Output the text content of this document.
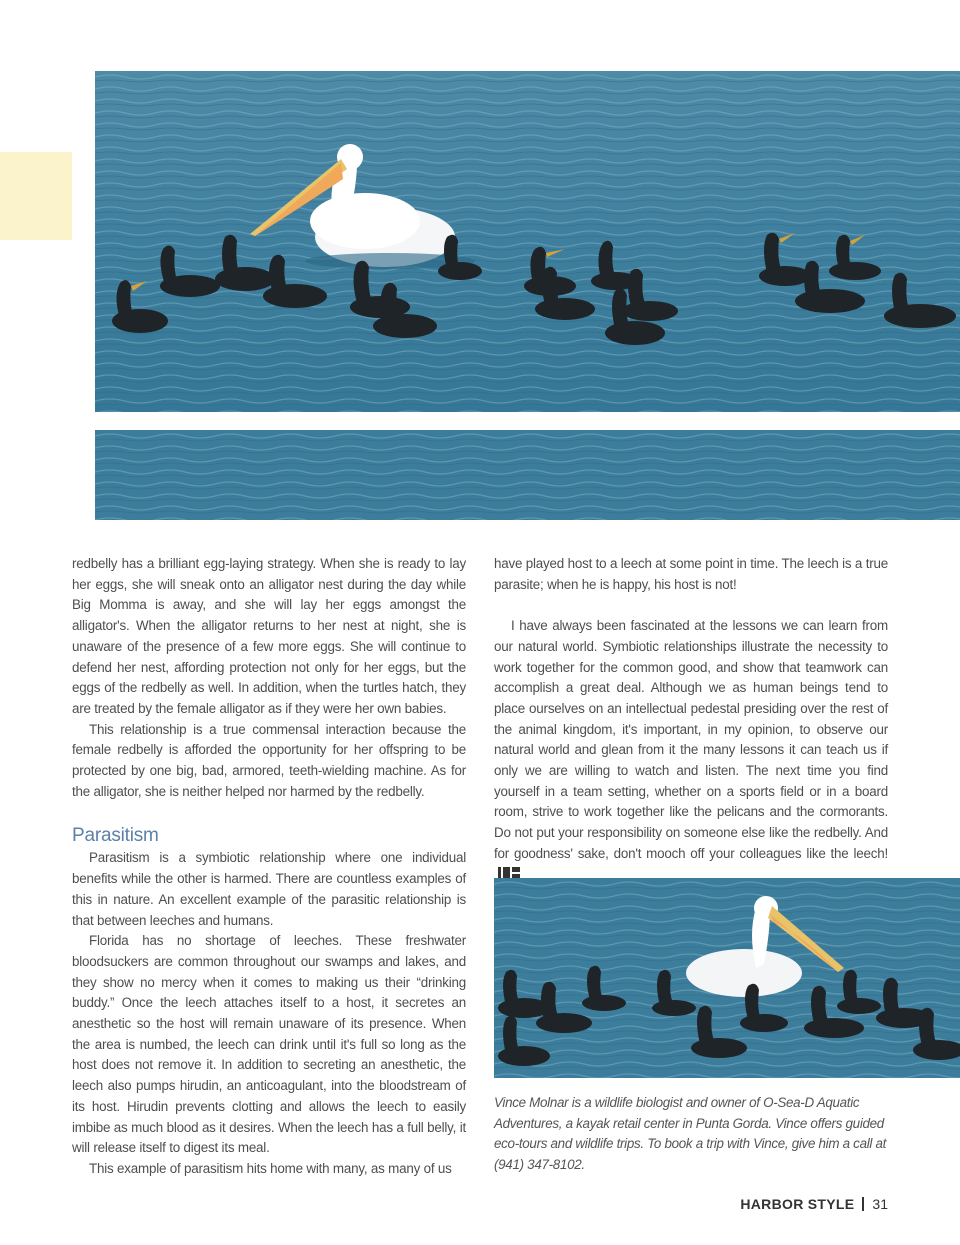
redbelly has a brilliant egg-laying strategy. When she is ready to lay her eggs, she will sneak onto an alligator nest during the day while Big Momma is away, and she will lay her eggs amongst the alligator's. When the alligator returns to her nest at night, she is unaware of the presence of a few more eggs. She will continue to defend her nest, affording protection not only for her eggs, but the eggs of the redbelly as well. In addition, when the turtles hatch, they are treated by the female alligator as if they were her own babies.

This relationship is a true commensal interaction because the female redbelly is afforded the opportunity for her offspring to be protected by one big, bad, armored, teeth-wielding machine. As for the alligator, she is neither helped nor harmed by the redbelly.

Parasitism

Parasitism is a symbiotic relationship where one individual benefits while the other is harmed. There are countless examples of this in nature. An excellent example of the parasitic relationship is that between leeches and humans.

Florida has no shortage of leeches. These freshwater bloodsuckers are common throughout our swamps and lakes, and they show no mercy when it comes to making us their “drinking buddy.” Once the leech attaches itself to a host, it secretes an anesthetic so the host will remain unaware of its presence. When the area is numbed, the leech can drink until it's full so long as the host does not remove it. In addition to secreting an anesthetic, the leech also pumps hirudin, an anticoagulant, into the bloodstream of its host. Hirudin prevents clotting and allows the leech to easily imbibe as much blood as it desires. When the leech has a full belly, it will release itself to digest its meal.

This example of parasitism hits home with many, as many of us

have played host to a leech at some point in time. The leech is a true parasite; when he is happy, his host is not!

I have always been fascinated at the lessons we can learn from our natural world. Symbiotic relationships illustrate the necessity to work together for the common good, and show that teamwork can accomplish a great deal. Although we as human beings tend to place ourselves on an intellectual pedestal presiding over the rest of the animal kingdom, it's important, in my opinion, to observe our natural world and glean from it the many lessons it can teach us if only we are willing to watch and listen. The next time you find yourself in a team setting, whether on a sports field or in a board room, strive to work together like the pelicans and the cormorants. Do not put your responsibility on someone else like the redbelly. And for goodness' sake, don't mooch off your colleagues like the leech!

Vince Molnar is a wildlife biologist and owner of O-Sea-D Aquatic Adventures, a kayak retail center in Punta Gorda. Vince offers guided eco-tours and wildlife trips. To book a trip with Vince, give him a call at (941) 347-8102.
HARBOR STYLE 31
